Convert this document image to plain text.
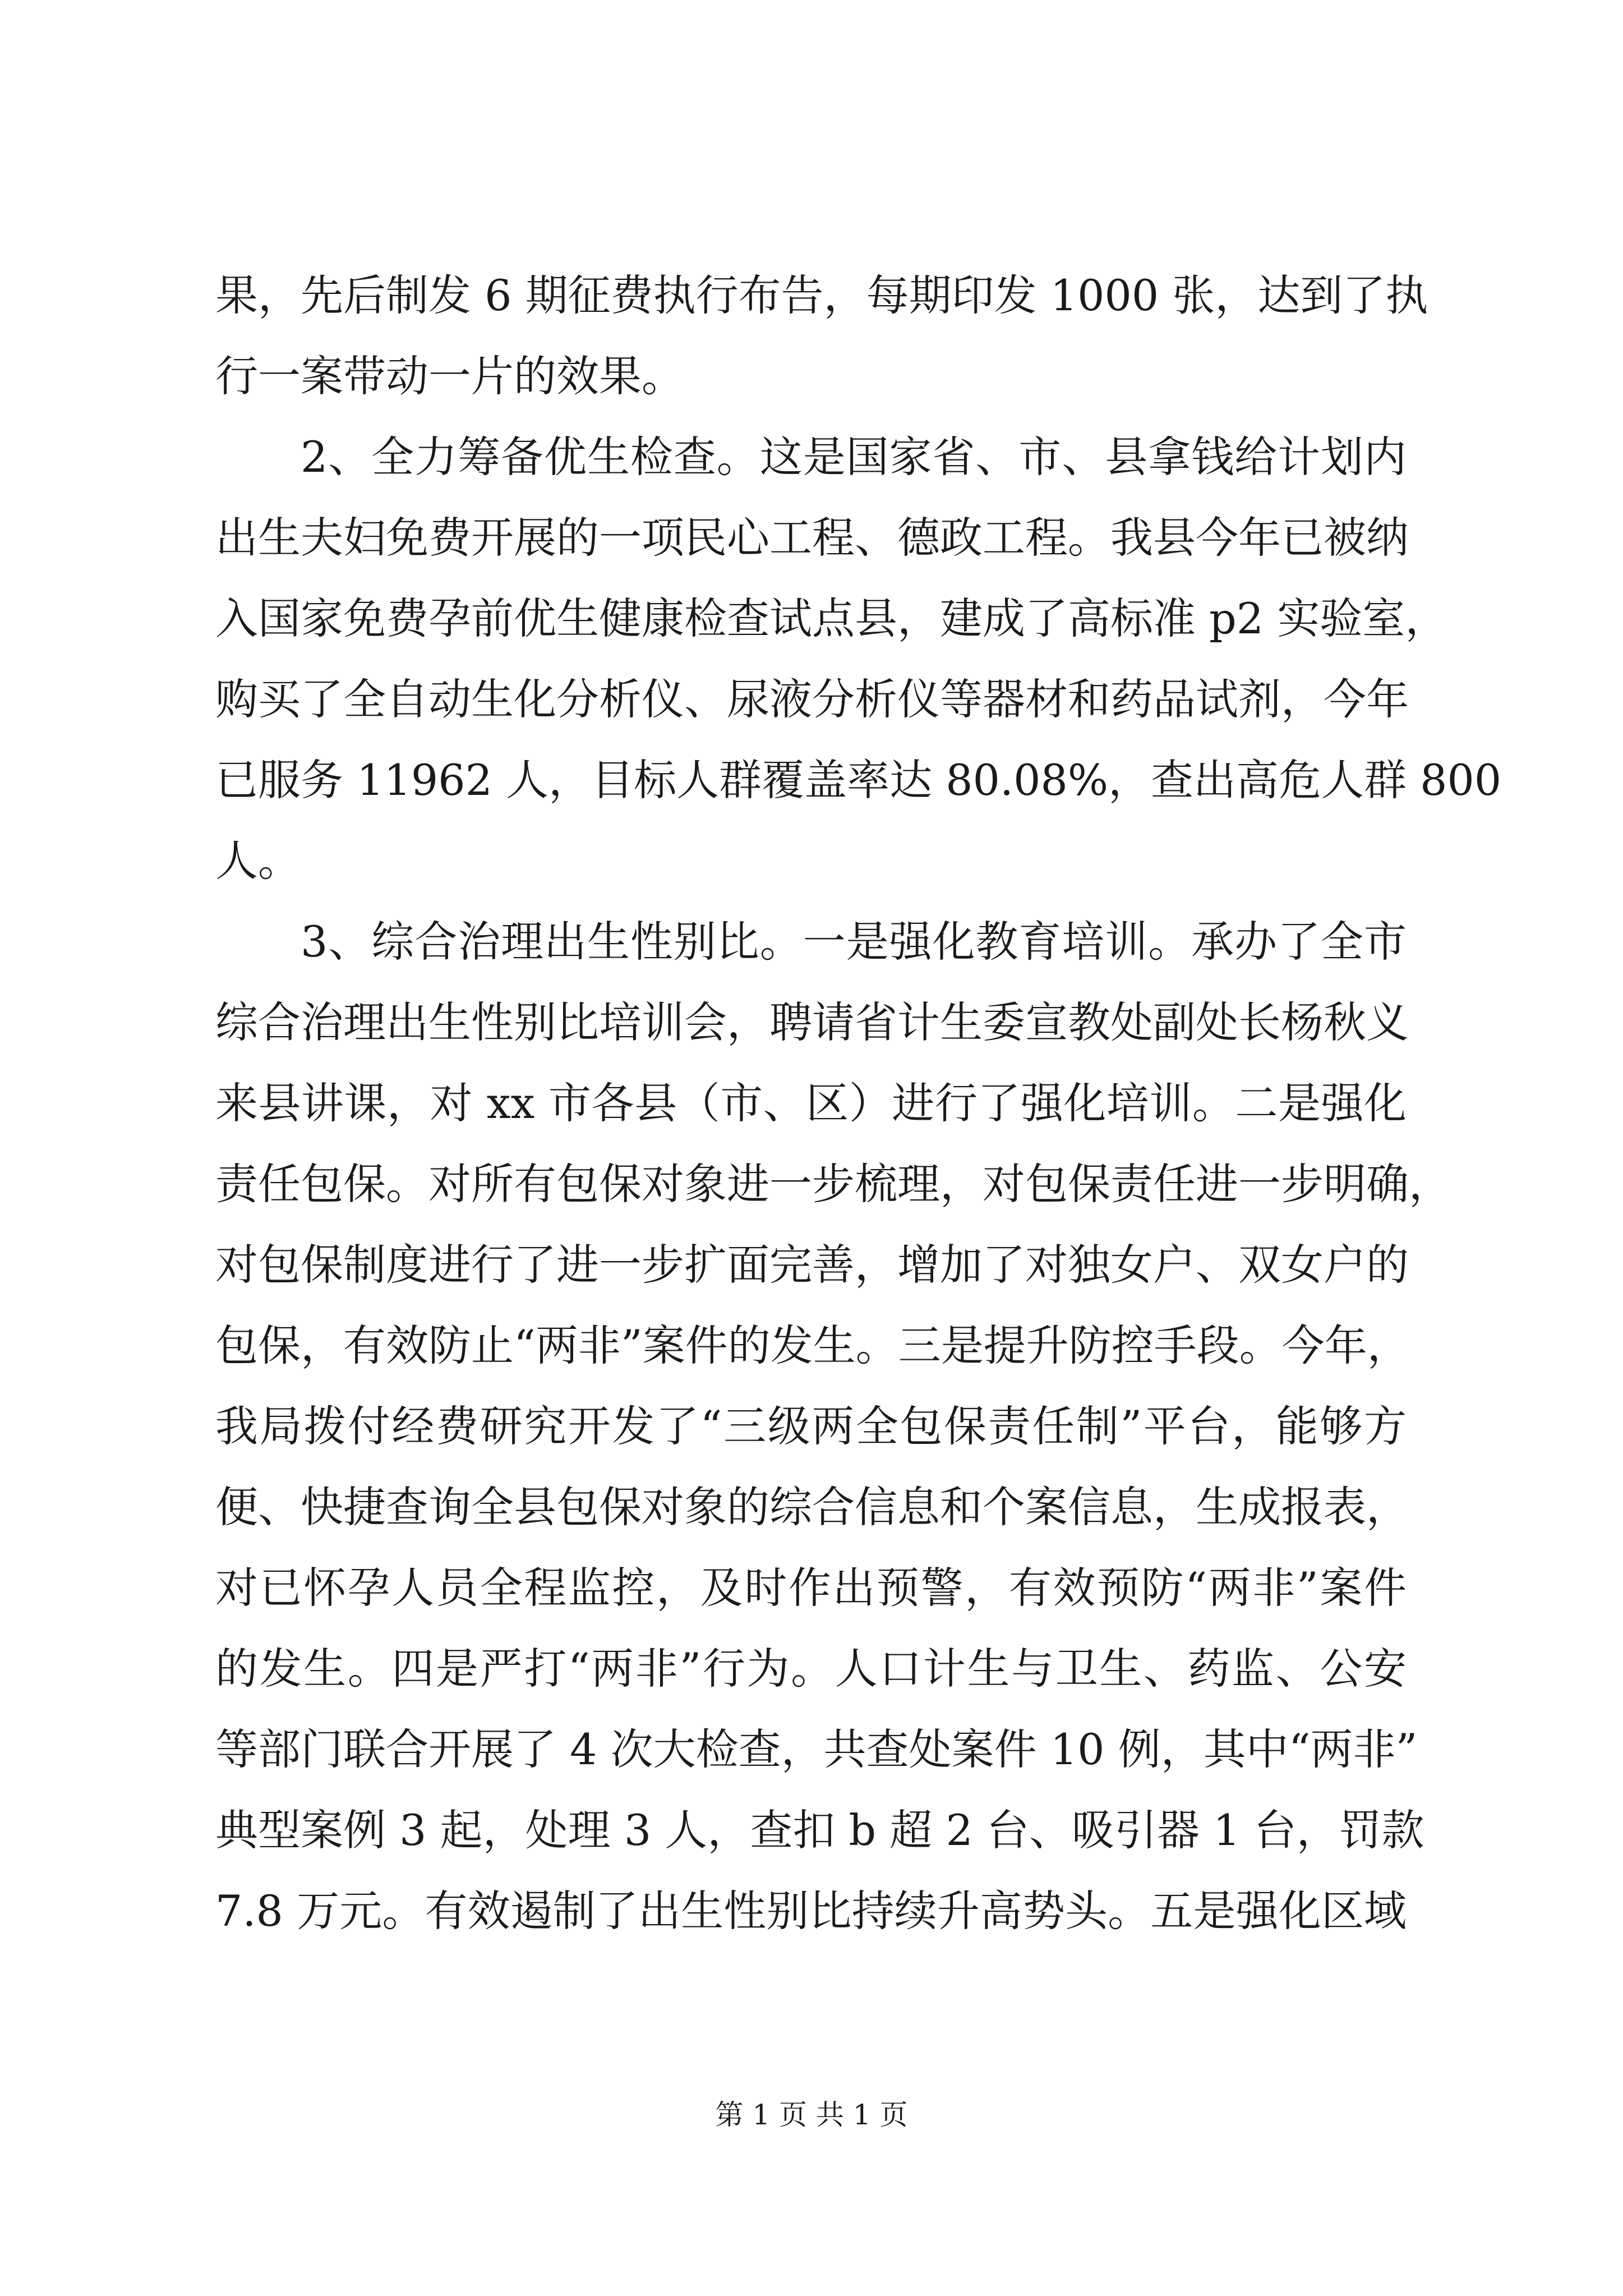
果，先后制发 6 期征费执行布告，每期印发 1000 张，达到了执
行一案带动一片的效果。
2、全力筹备优生检查。这是国家省、市、县拿钱给计划内
出生夫妇免费开展的一项民心工程、德政工程。我县今年已被纳
入国家免费孕前优生健康检查试点县，建成了高标准 p2 实验室，
购买了全自动生化分析仪、尿液分析仪等器材和药品试剂，今年
已服务 11962 人，目标人群覆盖率达 80.08%，查出高危人群 800
人。
3、综合治理出生性别比。一是强化教育培训。承办了全市
综合治理出生性别比培训会，聘请省计生委宣教处副处长杨秋义
来县讲课，对 xx 市各县（市、区）进行了强化培训。二是强化
责任包保。对所有包保对象进一步梳理，对包保责任进一步明确，
对包保制度进行了进一步扩面完善，增加了对独女户、双女户的
包保，有效防止“两非”案件的发生。三是提升防控手段。今年，
我局拨付经费研究开发了“三级两全包保责任制”平台，能够方
便、快捷查询全县包保对象的综合信息和个案信息，生成报表，
对已怀孕人员全程监控，及时作出预警，有效预防“两非”案件
的发生。四是严打“两非”行为。人口计生与卫生、药监、公安
等部门联合开展了 4 次大检查，共查处案件 10 例，其中“两非”
典型案例 3 起，处理 3 人，查扣 b 超 2 台、吸引器 1 台，罚款
7.8 万元。有效遏制了出生性别比持续升高势头。五是强化区域
第 1 页 共 1 页
